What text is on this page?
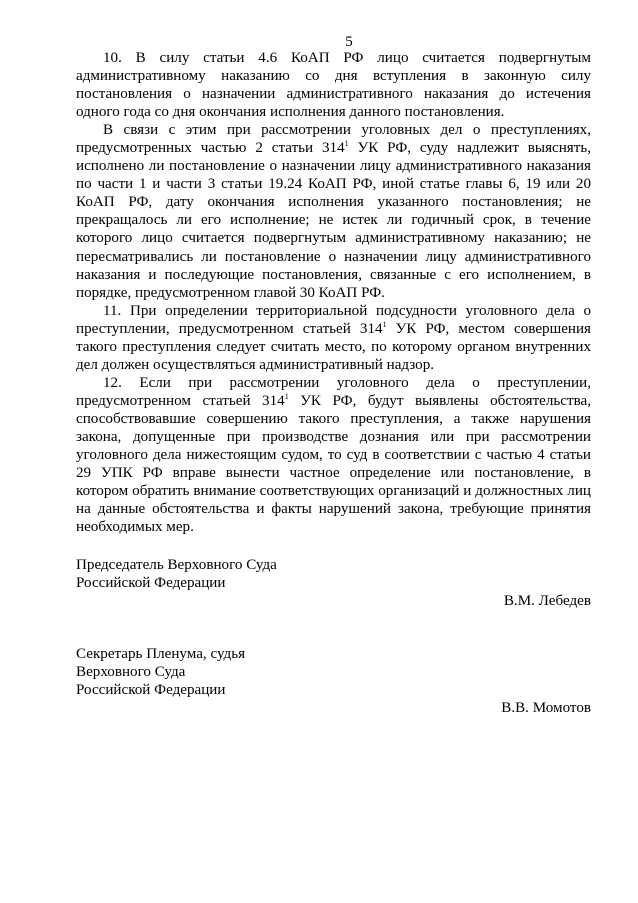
5

10. В силу статьи 4.6 КоАП РФ лицо считается подвергнутым административному наказанию со дня вступления в законную силу постановления о назначении административного наказания до истечения одного года со дня окончания исполнения данного постановления.

В связи с этим при рассмотрении уголовных дел о преступлениях, предусмотренных частью 2 статьи $314^1$ УК РФ, суду надлежит выяснять, исполнено ли постановление о назначении лицу административного наказания по части 1 и части 3 статьи 19.24 КоАП РФ, иной статье главы 6, 19 или 20 КоАП РФ, дату окончания исполнения указанного постановления; не прекращалось ли его исполнение; не истек ли годичный срок, в течение которого лицо считается подвергнутым административному наказанию; не пересматривались ли постановление о назначении лицу административного наказания и последующие постановления, связанные с его исполнением, в порядке, предусмотренном главой 30 КоАП РФ.

11. При определении территориальной подсудности уголовного дела о преступлении, предусмотренном статьей $314^1$ УК РФ, местом совершения такого преступления следует считать место, по которому органом внутренних дел должен осуществляться административный надзор.

12. Если при рассмотрении уголовного дела о преступлении, предусмотренном статьей $314^1$ УК РФ, будут выявлены обстоятельства, способствовавшие совершению такого преступления, а также нарушения закона, допущенные при производстве дознания или при рассмотрении уголовного дела нижестоящим судом, то суд в соответствии с частью 4 статьи 29 УПК РФ вправе вынести частное определение или постановление, в котором обратить внимание соответствующих организаций и должностных лиц на данные обстоятельства и факты нарушений закона, требующие принятия необходимых мер.

Председатель Верховного Суда
Российской Федерации
В.М. Лебедев
Секретарь Пленума, судья
Верховного Суда
Российской Федерации
В.В. Момотов
